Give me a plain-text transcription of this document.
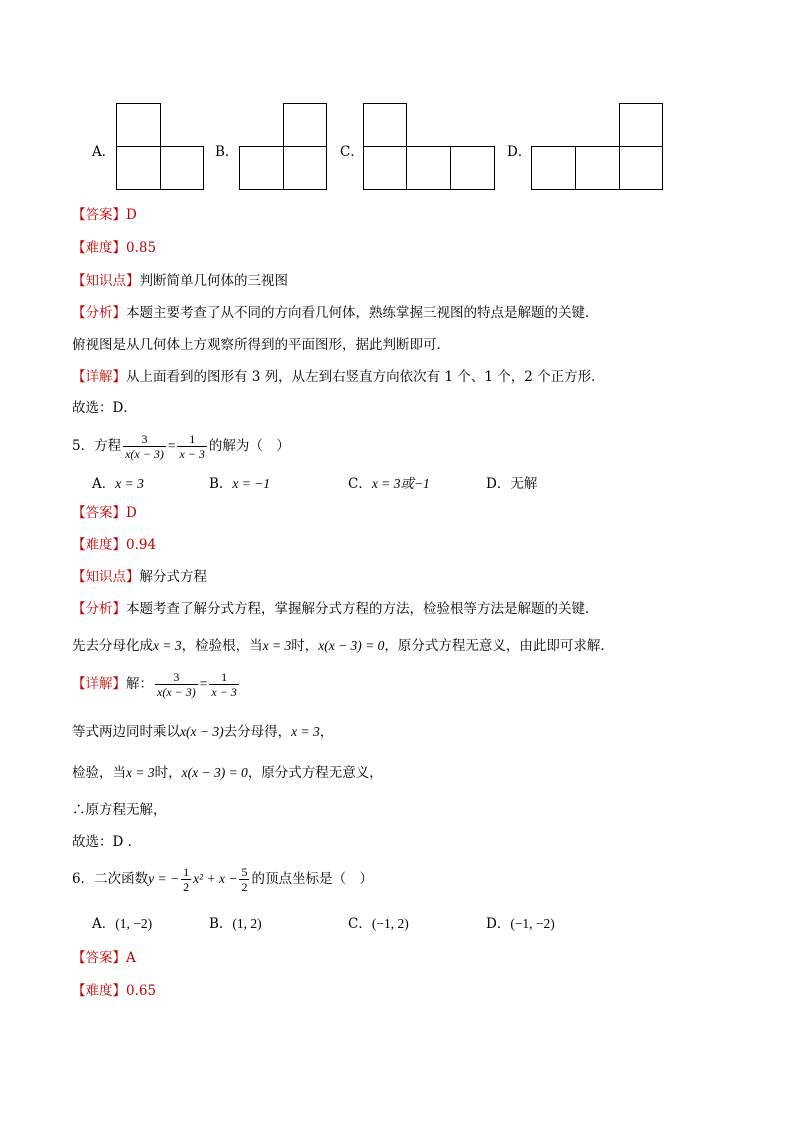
A．	B．	C．	D．
【答案】D
【难度】0.85
【知识点】判断简单几何体的三视图
【分析】本题主要考查了从不同的方向看几何体，熟练掌握三视图的特点是解题的关键．
俯视图是从几何体上方观察所得到的平面图形，据此判断即可．
【详解】从上面看到的图形有 3 列，从左到右竖直方向依次有 1 个、1 个，2 个正方形．
故选：D．
5．方程 $\frac{3}{x(x - 3)} = \frac{1}{x - 3}$ 的解为（　）
A．x = 3	B．x = −1	C．x = 3或−1	D．无解
【答案】D
【难度】0.94
【知识点】解分式方程
【分析】本题考查了解分式方程，掌握解分式方程的方法，检验根等方法是解题的关键．
先去分母化成x = 3，检验根，当x = 3时，x(x − 3) = 0，原分式方程无意义，由此即可求解．
【详解】解： $\frac{3}{x(x - 3)} = \frac{1}{x - 3}$
等式两边同时乘以x(x − 3)去分母得，x = 3，
检验，当x = 3时，x(x − 3) = 0，原分式方程无意义，
∴原方程无解，
故选：D ．
6．二次函数y = − $\frac{1}{2} x^2 + x - \frac{5}{2}$ 的顶点坐标是（　）
A．(1, −2)	B．(1, 2)	C．(−1, 2)	D．(−1, −2)
【答案】A
【难度】0.65
